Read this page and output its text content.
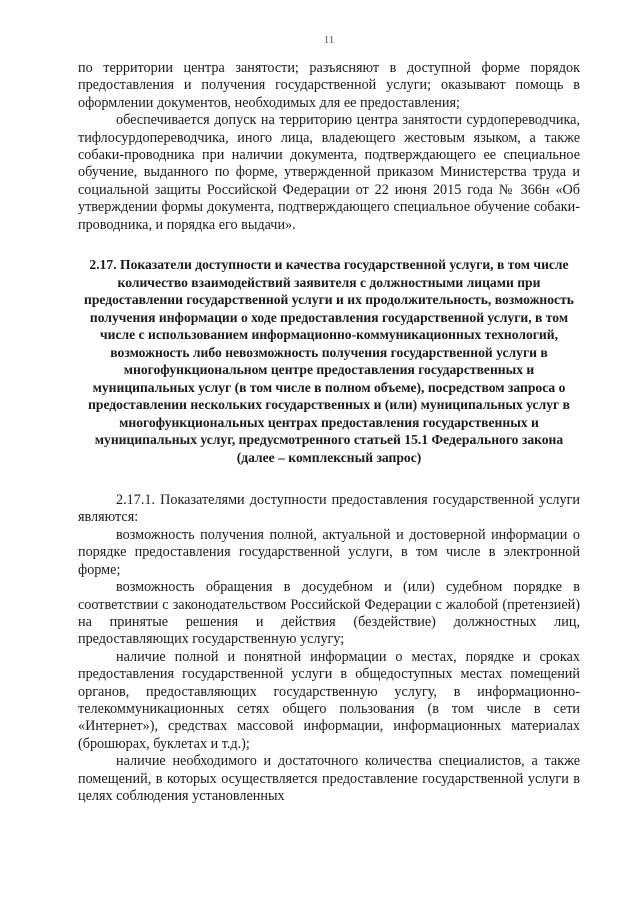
11

по территории центра занятости; разъясняют в доступной форме порядок предоставления и получения государственной услуги; оказывают помощь в оформлении документов, необходимых для ее предоставления;

обеспечивается допуск на территорию центра занятости сурдопереводчика, тифлосурдопереводчика, иного лица, владеющего жестовым языком, а также собаки-проводника при наличии документа, подтверждающего ее специальное обучение, выданного по форме, утвержденной приказом Министерства труда и социальной защиты Российской Федерации от 22 июня 2015 года № 366н «Об утверждении формы документа, подтверждающего специальное обучение собаки-проводника, и порядка его выдачи».

2.17. Показатели доступности и качества государственной услуги, в том числе количество взаимодействий заявителя с должностными лицами при предоставлении государственной услуги и их продолжительность, возможность получения информации о ходе предоставления государственной услуги, в том числе с использованием информационно-коммуникационных технологий, возможность либо невозможность получения государственной услуги в многофункциональном центре предоставления государственных и муниципальных услуг (в том числе в полном объеме), посредством запроса о предоставлении нескольких государственных и (или) муниципальных услуг в многофункциональных центрах предоставления государственных и муниципальных услуг, предусмотренного статьей 15.1 Федерального закона (далее – комплексный запрос)

2.17.1. Показателями доступности предоставления государственной услуги являются:

возможность получения полной, актуальной и достоверной информации о порядке предоставления государственной услуги, в том числе в электронной форме;

возможность обращения в досудебном и (или) судебном порядке в соответствии с законодательством Российской Федерации с жалобой (претензией) на принятые решения и действия (бездействие) должностных лиц, предоставляющих государственную услугу;

наличие полной и понятной информации о местах, порядке и сроках предоставления государственной услуги в общедоступных местах помещений органов, предоставляющих государственную услугу, в информационно-телекоммуникационных сетях общего пользования (в том числе в сети «Интернет»), средствах массовой информации, информационных материалах (брошюрах, буклетах и т.д.);

наличие необходимого и достаточного количества специалистов, а также помещений, в которых осуществляется предоставление государственной услуги в целях соблюдения установленных
